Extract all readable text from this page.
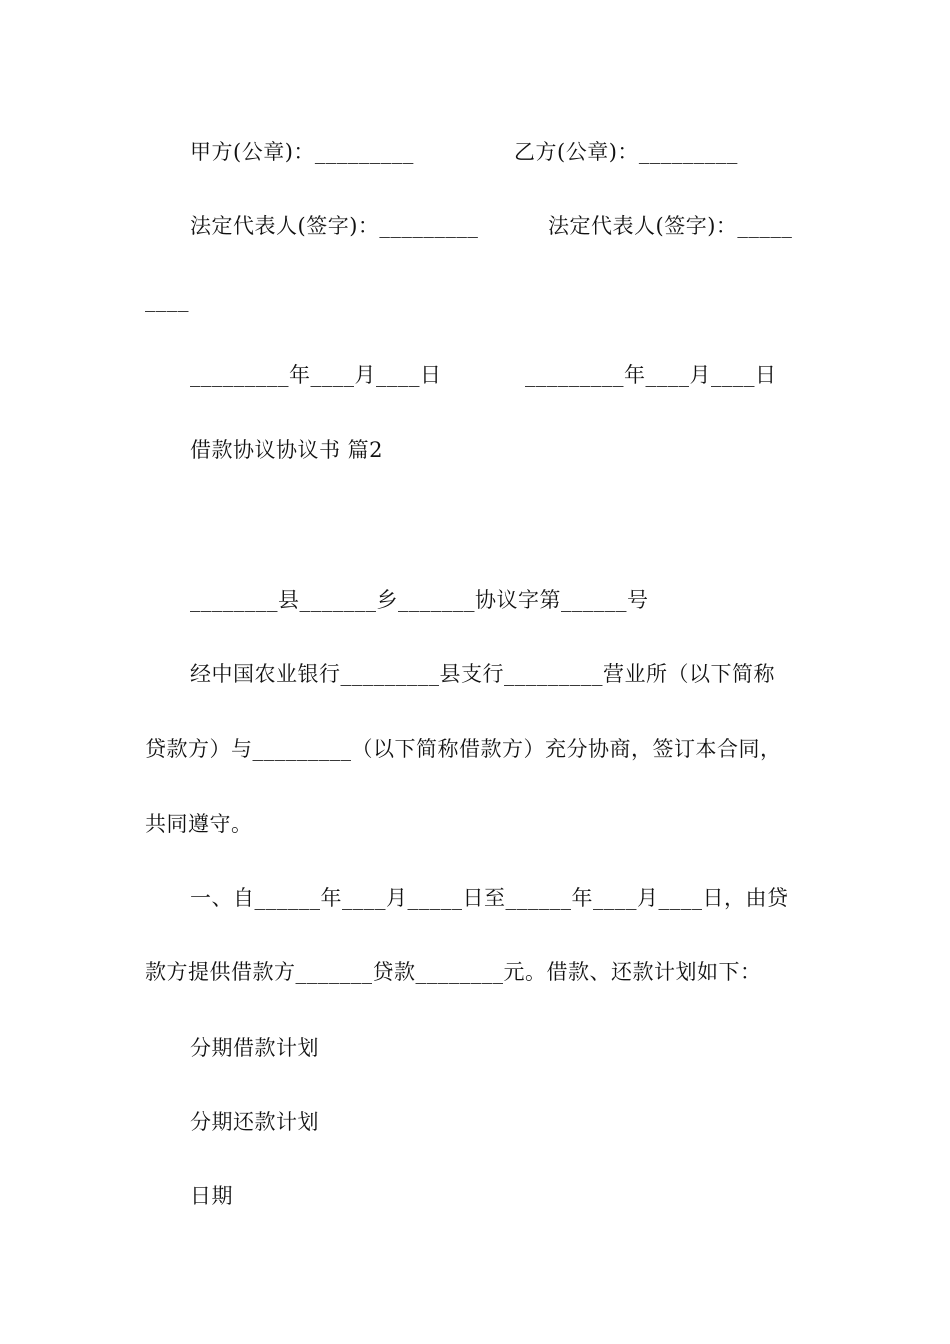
甲方(公章)：_________	乙方(公章)：_________
法定代表人(签字)：_________	法定代表人(签字)：_____
____
_________年____月____日	_________年____月____日
借款协议协议书 篇2
________县_______乡_______协议字第______号
经中国农业银行_________县支行_________营业所（以下简称
贷款方）与_________（以下简称借款方）充分协商，签订本合同，
共同遵守。
一、自______年____月_____日至______年____月____日，由贷
款方提供借款方_______贷款________元。借款、还款计划如下：
分期借款计划
分期还款计划
日期
